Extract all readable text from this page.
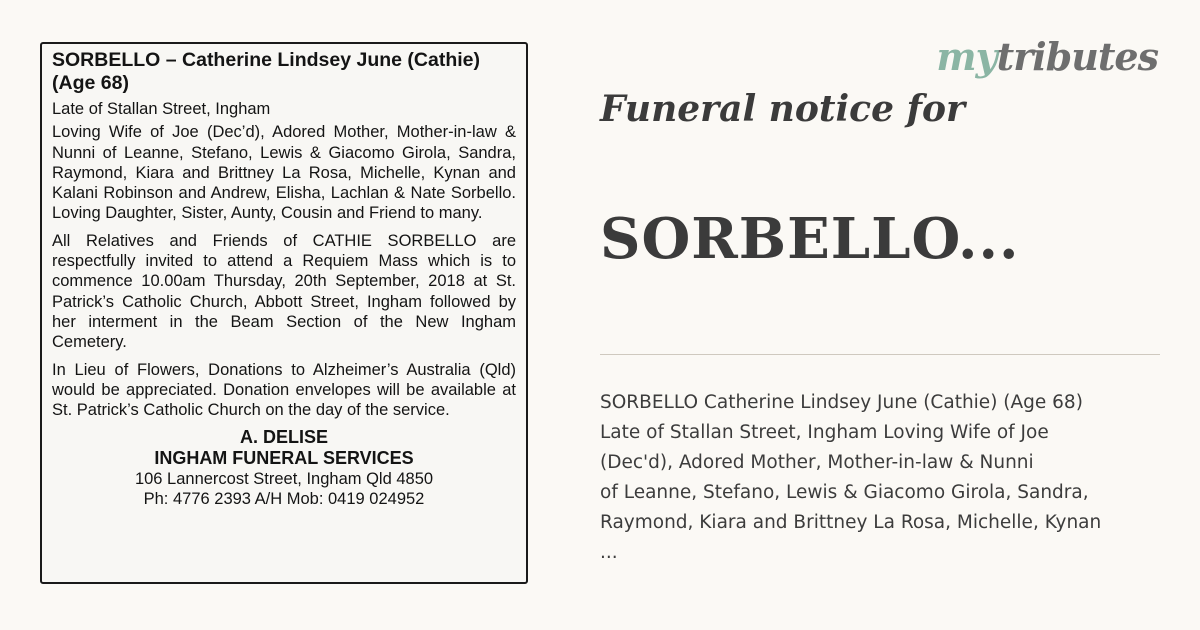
SORBELLO – Catherine Lindsey June (Cathie) (Age 68)

Late of Stallan Street, Ingham

Loving Wife of Joe (Dec’d), Adored Mother, Mother-in-law & Nunni of Leanne, Stefano, Lewis & Giacomo Girola, Sandra, Raymond, Kiara and Brittney La Rosa, Michelle, Kynan and Kalani Robinson and Andrew, Elisha, Lachlan & Nate Sorbello. Loving Daughter, Sister, Aunty, Cousin and Friend to many.

All Relatives and Friends of CATHIE SORBELLO are respectfully invited to attend a Requiem Mass which is to commence 10.00am Thursday, 20th September, 2018 at St. Patrick’s Catholic Church, Abbott Street, Ingham followed by her interment in the Beam Section of the New Ingham Cemetery.

In Lieu of Flowers, Donations to Alzheimer’s Australia (Qld) would be appreciated. Donation envelopes will be available at St. Patrick’s Catholic Church on the day of the service.

A. DELISE
INGHAM FUNERAL SERVICES
106 Lannercost Street, Ingham Qld 4850
Ph: 4776 2393 A/H Mob: 0419 024952
mytributes
Funeral notice for
SORBELLO...

SORBELLO Catherine Lindsey June (Cathie) (Age 68)

Late of Stallan Street, Ingham Loving Wife of Joe

(Dec'd), Adored Mother, Mother-in-law & Nunni

of Leanne, Stefano, Lewis & Giacomo Girola, Sandra,

Raymond, Kiara and Brittney La Rosa, Michelle, Kynan

...
